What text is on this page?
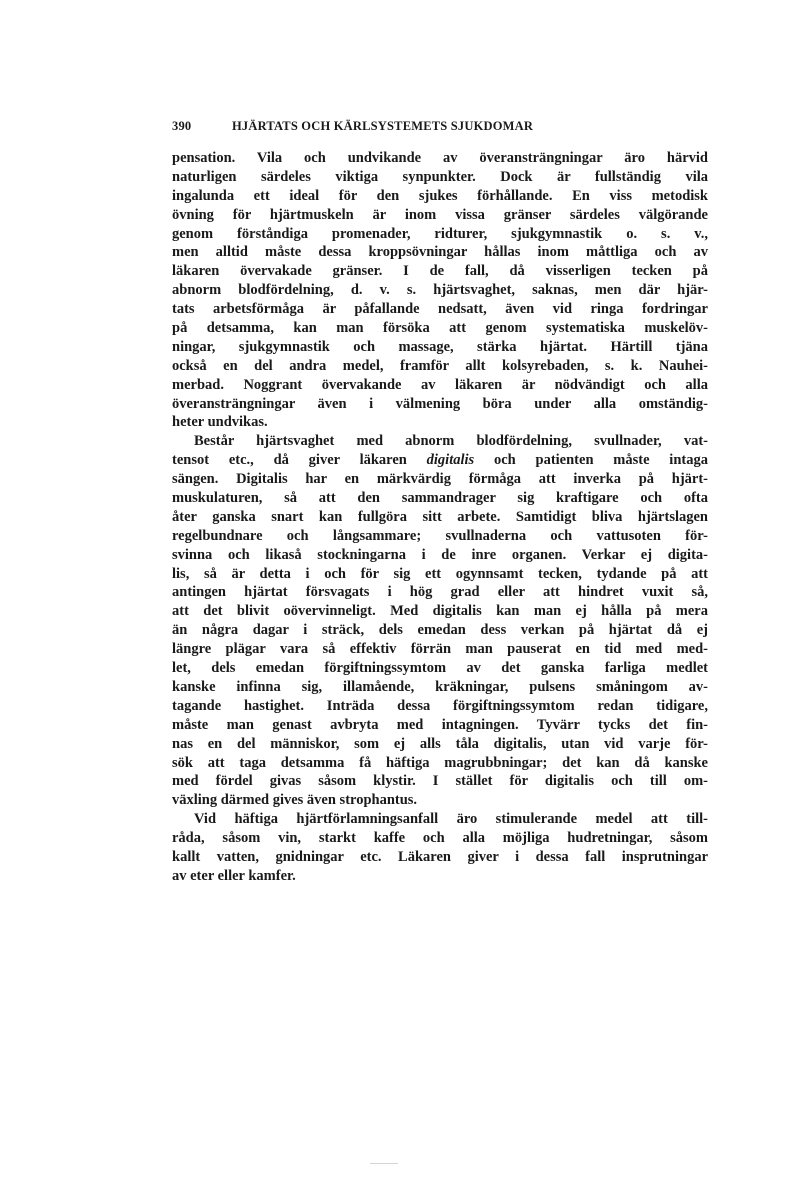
390	HJÄRTATS OCH KÄRLSYSTEMETS SJUKDOMAR
pensation. Vila och undvikande av överansträngningar äro härvid
naturligen särdeles viktiga synpunkter. Dock är fullständig vila
ingalunda ett ideal för den sjukes förhållande. En viss metodisk
övning för hjärtmuskeln är inom vissa gränser särdeles välgörande
genom förståndiga promenader, ridturer, sjukgymnastik o. s. v.,
men alltid måste dessa kroppsövningar hållas inom måttliga och av
läkaren övervakade gränser. I de fall, då visserligen tecken på
abnorm blodfördelning, d. v. s. hjärtsvaghet, saknas, men där hjär-
tats arbetsförmåga är påfallande nedsatt, även vid ringa fordringar
på detsamma, kan man försöka att genom systematiska muskelöv-
ningar, sjukgymnastik och massage, stärka hjärtat. Härtill tjäna
också en del andra medel, framför allt kolsyrebaden, s. k. Nauhei-
merbad. Noggrant övervakande av läkaren är nödvändigt och alla
överansträngningar även i välmening böra under alla omständig-
heter undvikas.
Består hjärtsvaghet med abnorm blodfördelning, svullnader, vat-
tensot etc., då giver läkaren digitalis och patienten måste intaga
sängen. Digitalis har en märkvärdig förmåga att inverka på hjärt-
muskulaturen, så att den sammandrager sig kraftigare och ofta
åter ganska snart kan fullgöra sitt arbete. Samtidigt bliva hjärtslagen
regelbundnare och långsammare; svullnaderna och vattusoten för-
svinna och likaså stockningarna i de inre organen. Verkar ej digita-
lis, så är detta i och för sig ett ogynnsamt tecken, tydande på att
antingen hjärtat försvagats i hög grad eller att hindret vuxit så,
att det blivit oövervinneligt. Med digitalis kan man ej hålla på mera
än några dagar i sträck, dels emedan dess verkan på hjärtat då ej
längre plägar vara så effektiv förrän man pauserat en tid med med-
let, dels emedan förgiftningssymtom av det ganska farliga medlet
kanske infinna sig, illamående, kräkningar, pulsens småningom av-
tagande hastighet. Inträda dessa förgiftningssymtom redan tidigare,
måste man genast avbryta med intagningen. Tyvärr tycks det fin-
nas en del människor, som ej alls tåla digitalis, utan vid varje för-
sök att taga detsamma få häftiga magrubbningar; det kan då kanske
med fördel givas såsom klystir. I stället för digitalis och till om-
växling därmed gives även strophantus.
Vid häftiga hjärtförlamningsanfall äro stimulerande medel att till-
råda, såsom vin, starkt kaffe och alla möjliga hudretningar, såsom
kallt vatten, gnidningar etc. Läkaren giver i dessa fall insprutningar
av eter eller kamfer.
